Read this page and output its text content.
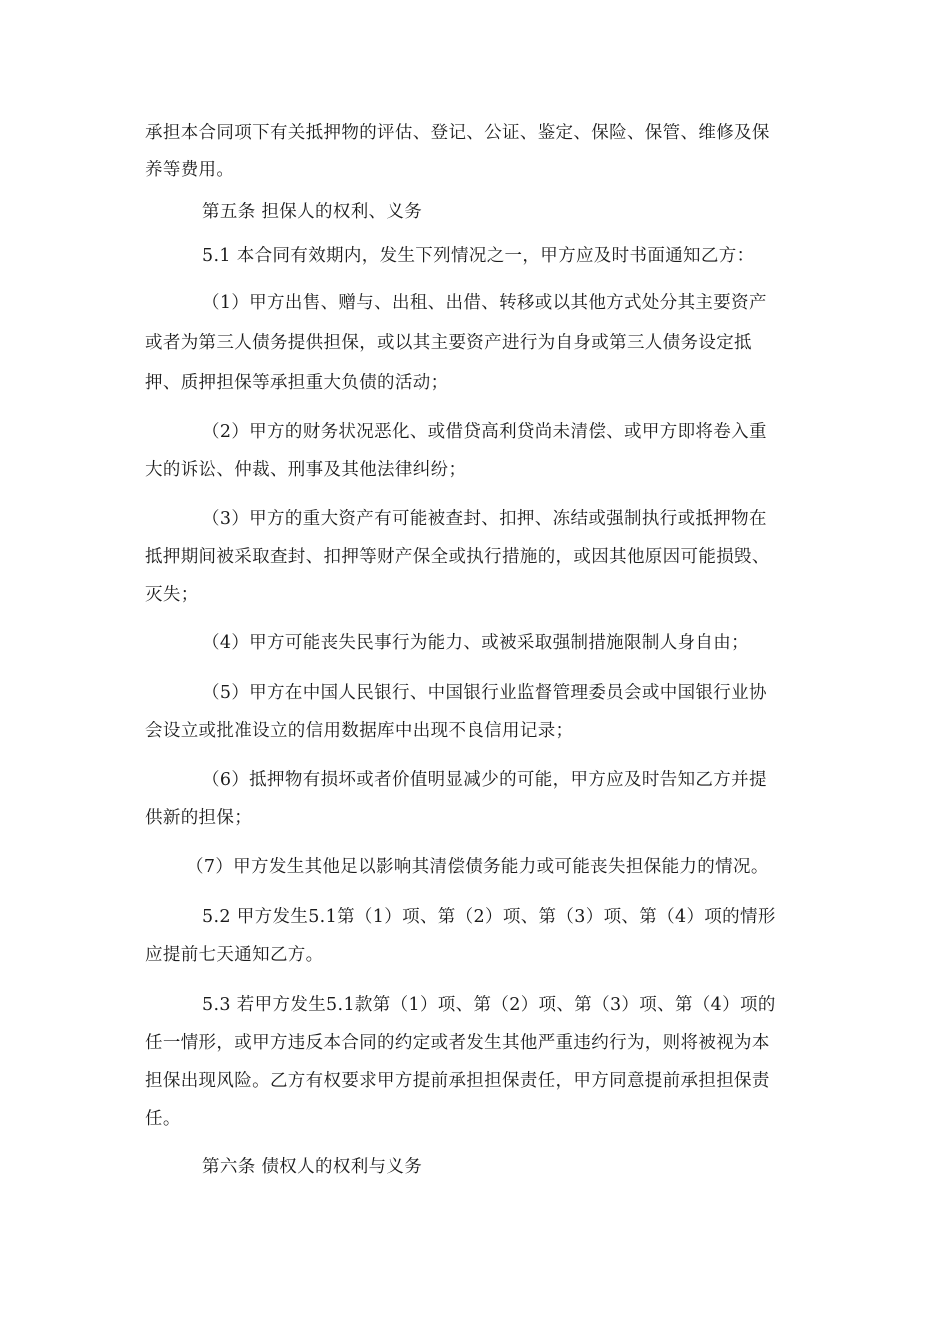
承担本合同项下有关抵押物的评估、登记、公证、鉴定、保险、保管、维修及保

养等费用。

第五条 担保人的权利、义务

5.1 本合同有效期内，发生下列情况之一，甲方应及时书面通知乙方：

（1）甲方出售、赠与、出租、出借、转移或以其他方式处分其主要资产

或者为第三人债务提供担保，或以其主要资产进行为自身或第三人债务设定抵

押、质押担保等承担重大负债的活动；

（2）甲方的财务状况恶化、或借贷高利贷尚未清偿、或甲方即将卷入重

大的诉讼、仲裁、刑事及其他法律纠纷；

（3）甲方的重大资产有可能被查封、扣押、冻结或强制执行或抵押物在

抵押期间被采取查封、扣押等财产保全或执行措施的，或因其他原因可能损毁、

灭失；

（4）甲方可能丧失民事行为能力、或被采取强制措施限制人身自由；

（5）甲方在中国人民银行、中国银行业监督管理委员会或中国银行业协

会设立或批准设立的信用数据库中出现不良信用记录；

（6）抵押物有损坏或者价值明显减少的可能，甲方应及时告知乙方并提

供新的担保；

（7）甲方发生其他足以影响其清偿债务能力或可能丧失担保能力的情况。

5.2 甲方发生5.1第（1）项、第（2）项、第（3）项、第（4）项的情形

应提前七天通知乙方。

5.3 若甲方发生5.1款第（1）项、第（2）项、第（3）项、第（4）项的

任一情形，或甲方违反本合同的约定或者发生其他严重违约行为，则将被视为本

担保出现风险。乙方有权要求甲方提前承担担保责任，甲方同意提前承担担保责

任。

第六条 债权人的权利与义务
